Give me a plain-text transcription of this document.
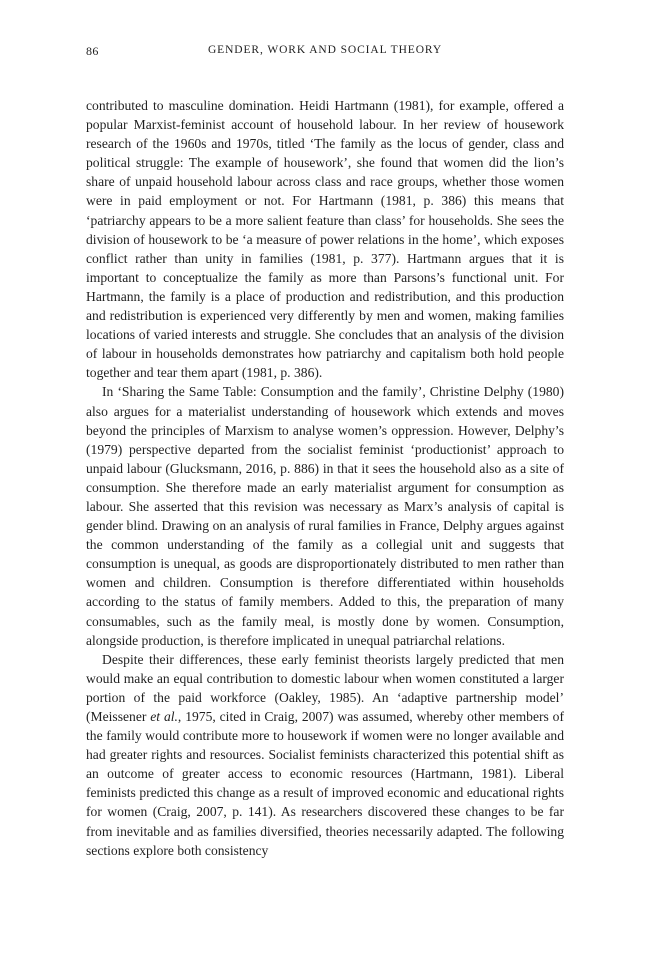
86	GENDER, WORK AND SOCIAL THEORY

contributed to masculine domination. Heidi Hartmann (1981), for example, offered a popular Marxist-feminist account of household labour. In her review of housework research of the 1960s and 1970s, titled ‘The family as the locus of gender, class and political struggle: The example of housework’, she found that women did the lion’s share of unpaid household labour across class and race groups, whether those women were in paid employment or not. For Hartmann (1981, p. 386) this means that ‘patriarchy appears to be a more salient feature than class’ for households. She sees the division of housework to be ‘a measure of power relations in the home’, which exposes conflict rather than unity in families (1981, p. 377). Hartmann argues that it is important to conceptualize the family as more than Parsons’s functional unit. For Hartmann, the family is a place of production and redistribution, and this production and redistribution is experienced very differently by men and women, making families locations of varied interests and struggle. She concludes that an analysis of the division of labour in households demonstrates how patriarchy and capitalism both hold people together and tear them apart (1981, p. 386).

In ‘Sharing the Same Table: Consumption and the family’, Christine Delphy (1980) also argues for a materialist understanding of housework which extends and moves beyond the principles of Marxism to analyse women’s oppression. However, Delphy’s (1979) perspective departed from the socialist feminist ‘productionist’ approach to unpaid labour (Glucksmann, 2016, p. 886) in that it sees the household also as a site of consumption. She therefore made an early materialist argument for consumption as labour. She asserted that this revision was necessary as Marx’s analysis of capital is gender blind. Drawing on an analysis of rural families in France, Delphy argues against the common understanding of the family as a collegial unit and suggests that consumption is unequal, as goods are disproportionately distributed to men rather than women and children. Consumption is therefore differentiated within households according to the status of family members. Added to this, the preparation of many consumables, such as the family meal, is mostly done by women. Consumption, alongside production, is therefore implicated in unequal patriarchal relations.

Despite their differences, these early feminist theorists largely predicted that men would make an equal contribution to domestic labour when women constituted a larger portion of the paid workforce (Oakley, 1985). An ‘adaptive partnership model’ (Meissener et al., 1975, cited in Craig, 2007) was assumed, whereby other members of the family would contribute more to housework if women were no longer available and had greater rights and resources. Socialist feminists characterized this potential shift as an outcome of greater access to economic resources (Hartmann, 1981). Liberal feminists predicted this change as a result of improved economic and educational rights for women (Craig, 2007, p. 141). As researchers discovered these changes to be far from inevitable and as families diversified, theories necessarily adapted. The following sections explore both consistency
